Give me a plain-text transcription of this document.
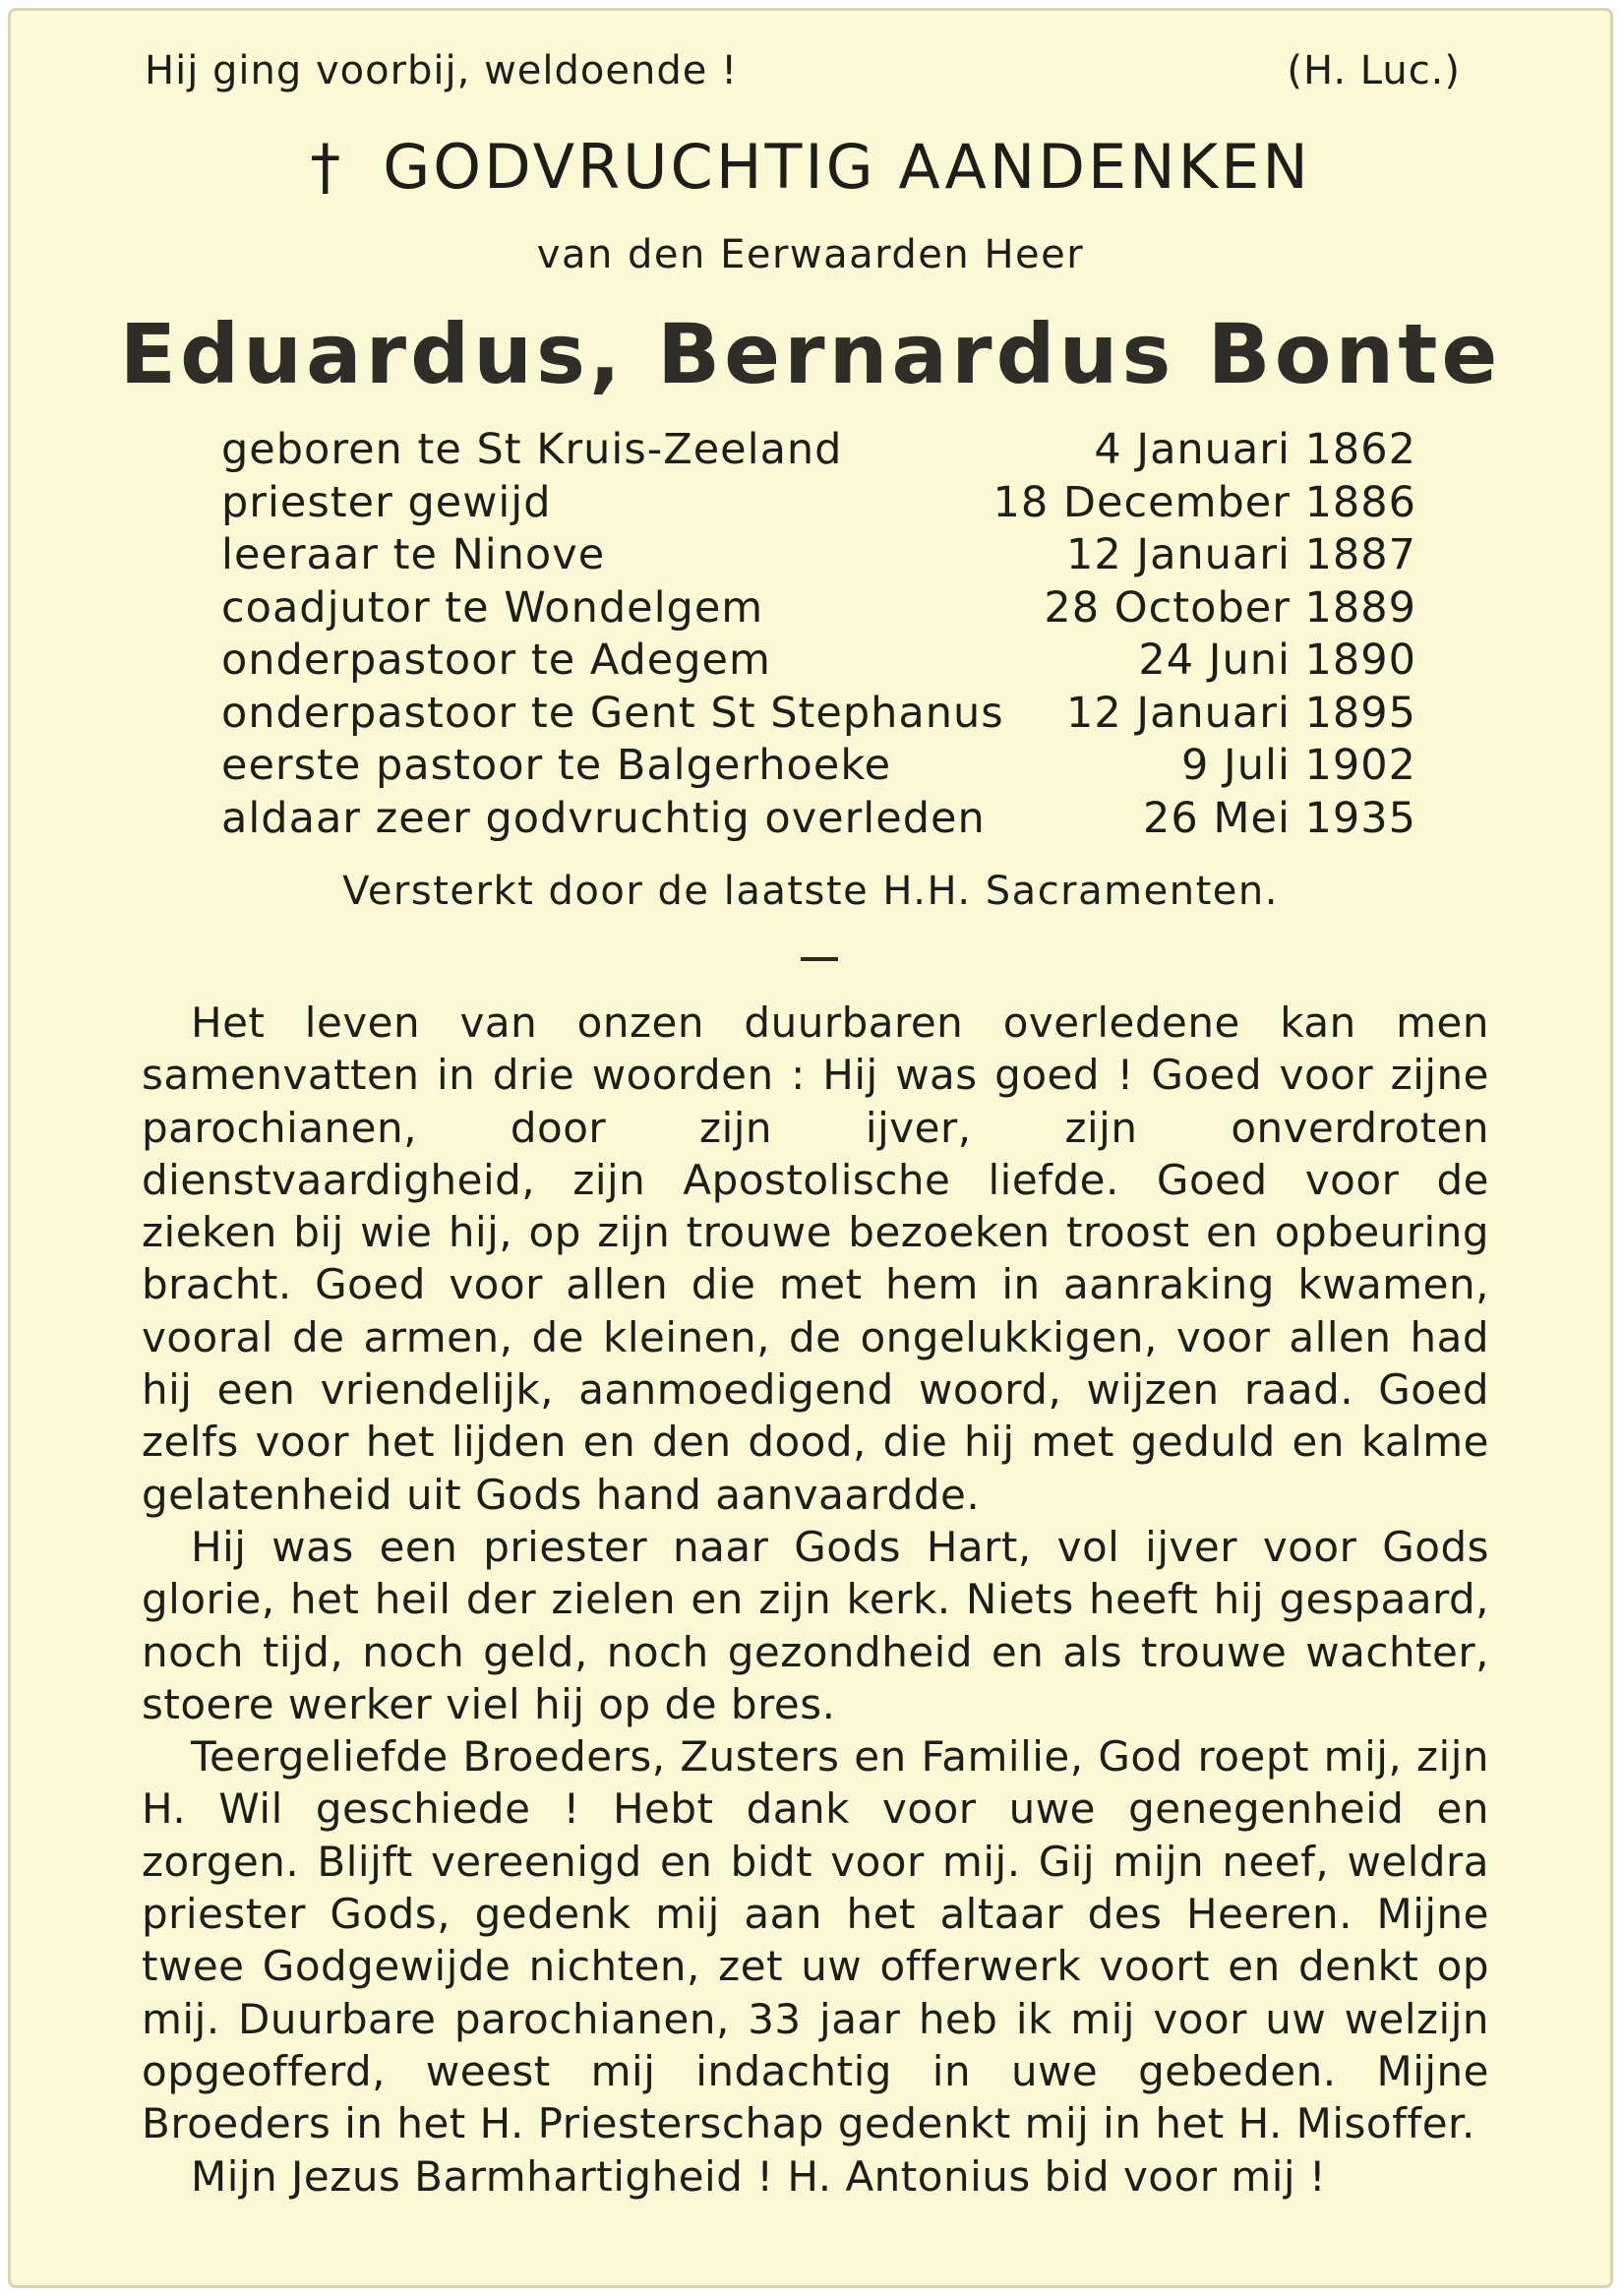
Hij ging voorbij, weldoende !	(H. Luc.)
† GODVRUCHTIG AANDENKEN
van den Eerwaarden Heer
Eduardus, Bernardus Bonte
geboren te St Kruis-Zeeland	4 Januari 1862
priester gewijd	18 December 1886
leeraar te Ninove	12 Januari 1887
coadjutor te Wondelgem	28 October 1889
onderpastoor te Adegem	24 Juni 1890
onderpastoor te Gent St Stephanus 12 Januari 1895
eerste pastoor te Balgerhoeke	9 Juli 1902
aldaar zeer godvruchtig overleden	26 Mei 1935
Versterkt door de laatste H.H. Sacramenten.

Het leven van onzen duurbaren overledene kan men samenvatten in drie woorden : Hij was goed ! Goed voor zijne parochianen, door zijn ijver, zijn onverdroten dienstvaardigheid, zijn Apostolische liefde. Goed voor de zieken bij wie hij, op zijn trouwe bezoeken troost en opbeuring bracht. Goed voor allen die met hem in aanraking kwamen, vooral de armen, de kleinen, de ongelukkigen, voor allen had hij een vriendelijk, aanmoedigend woord, wijzen raad. Goed zelfs voor het lijden en den dood, die hij met geduld en kalme gelatenheid uit Gods hand aanvaardde.

Hij was een priester naar Gods Hart, vol ijver voor Gods glorie, het heil der zielen en zijn kerk. Niets heeft hij gespaard, noch tijd, noch geld, noch gezondheid en als trouwe wachter, stoere werker viel hij op de bres.

Teergeliefde Broeders, Zusters en Familie, God roept mij, zijn H. Wil geschiede ! Hebt dank voor uwe genegenheid en zorgen. Blijft vereenigd en bidt voor mij. Gij mijn neef, weldra priester Gods, gedenk mij aan het altaar des Heeren. Mijne twee Godgewijde nichten, zet uw offerwerk voort en denkt op mij. Duurbare parochianen, 33 jaar heb ik mij voor uw welzijn opgeofferd, weest mij indachtig in uwe gebeden. Mijne Broeders in het H. Priesterschap gedenkt mij in het H. Misoffer.

Mijn Jezus Barmhartigheid ! H. Antonius bid voor mij !
